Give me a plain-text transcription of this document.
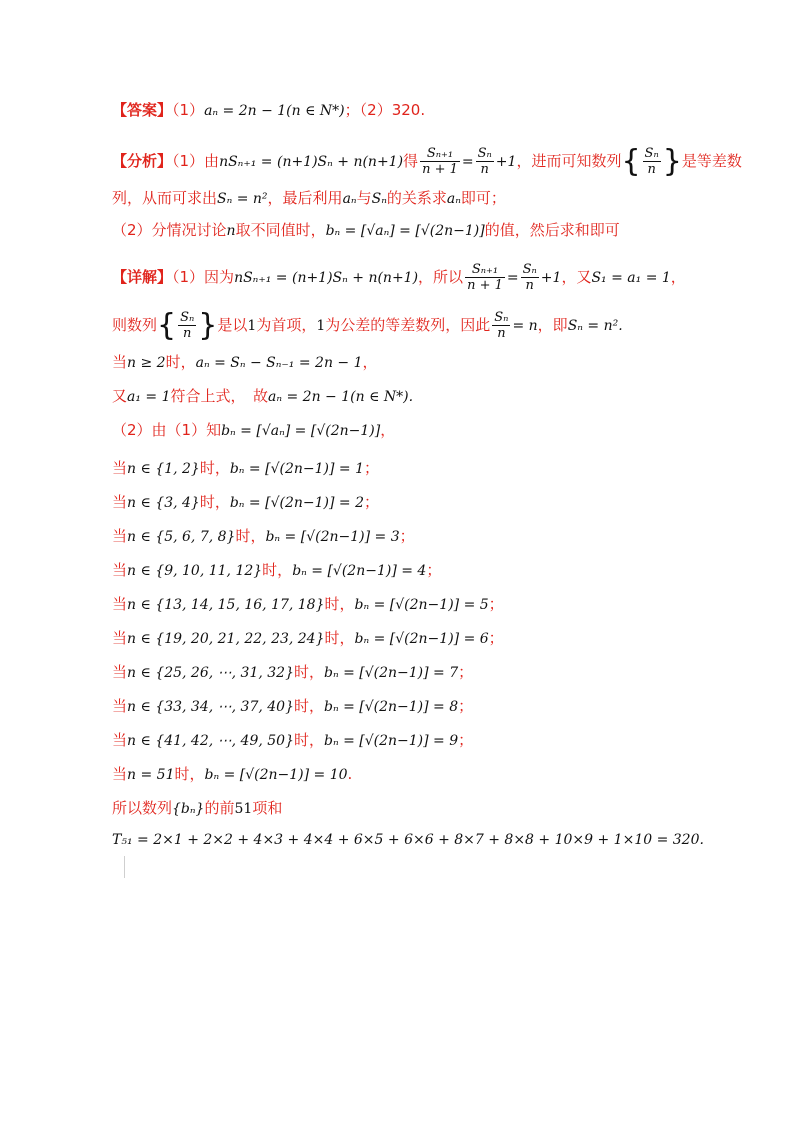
【答案】（1）aₙ = 2n − 1(n ∈ N*)；（2）320.
【分析】（1）由nSₙ₊₁ = (n+1)Sₙ + n(n+1)得 $\frac{\text{Sₙ₊₁}}{n + 1} = \frac{\text{Sₙ}}{n} +1$，进而可知数列{ $\frac{\text{Sₙ}}{n}$ }是等差数
列，从而可求出Sₙ = n²，最后利用aₙ与Sₙ的关系求aₙ即可；
（2）分情况讨论n取不同值时，bₙ = [√aₙ] = [√(2n−1)]的值，然后求和即可
【详解】（1）因为nSₙ₊₁ = (n+1)Sₙ + n(n+1)，所以 $\frac{\text{Sₙ₊₁}}{n + 1} = \frac{\text{Sₙ}}{n} +1$，又S₁ = a₁ = 1，
则数列{ $\frac{\text{Sₙ}}{n}$ }是以1为首项，1为公差的等差数列，因此 $\frac{\text{Sₙ}}{n} = n$，即Sₙ = n².
当n ≥ 2时，aₙ = Sₙ − Sₙ₋₁ = 2n − 1，
又a₁ = 1符合上式，　故aₙ = 2n − 1(n ∈ N*).
（2）由（1）知bₙ = [√aₙ] = [√(2n−1)]，
当n ∈ {1, 2}时，bₙ = [√(2n−1)] = 1；
当n ∈ {3, 4}时，bₙ = [√(2n−1)] = 2；
当n ∈ {5, 6, 7, 8}时，bₙ = [√(2n−1)] = 3；
当n ∈ {9, 10, 11, 12}时，bₙ = [√(2n−1)] = 4；
当n ∈ {13, 14, 15, 16, 17, 18}时，bₙ = [√(2n−1)] = 5；
当n ∈ {19, 20, 21, 22, 23, 24}时，bₙ = [√(2n−1)] = 6；
当n ∈ {25, 26, ⋯, 31, 32}时，bₙ = [√(2n−1)] = 7；
当n ∈ {33, 34, ⋯, 37, 40}时，bₙ = [√(2n−1)] = 8；
当n ∈ {41, 42, ⋯, 49, 50}时，bₙ = [√(2n−1)] = 9；
当n = 51时，bₙ = [√(2n−1)] = 10.
所以数列{bₙ}的前51项和
T₅₁ = 2×1 + 2×2 + 4×3 + 4×4 + 6×5 + 6×6 + 8×7 + 8×8 + 10×9 + 1×10 = 320.
